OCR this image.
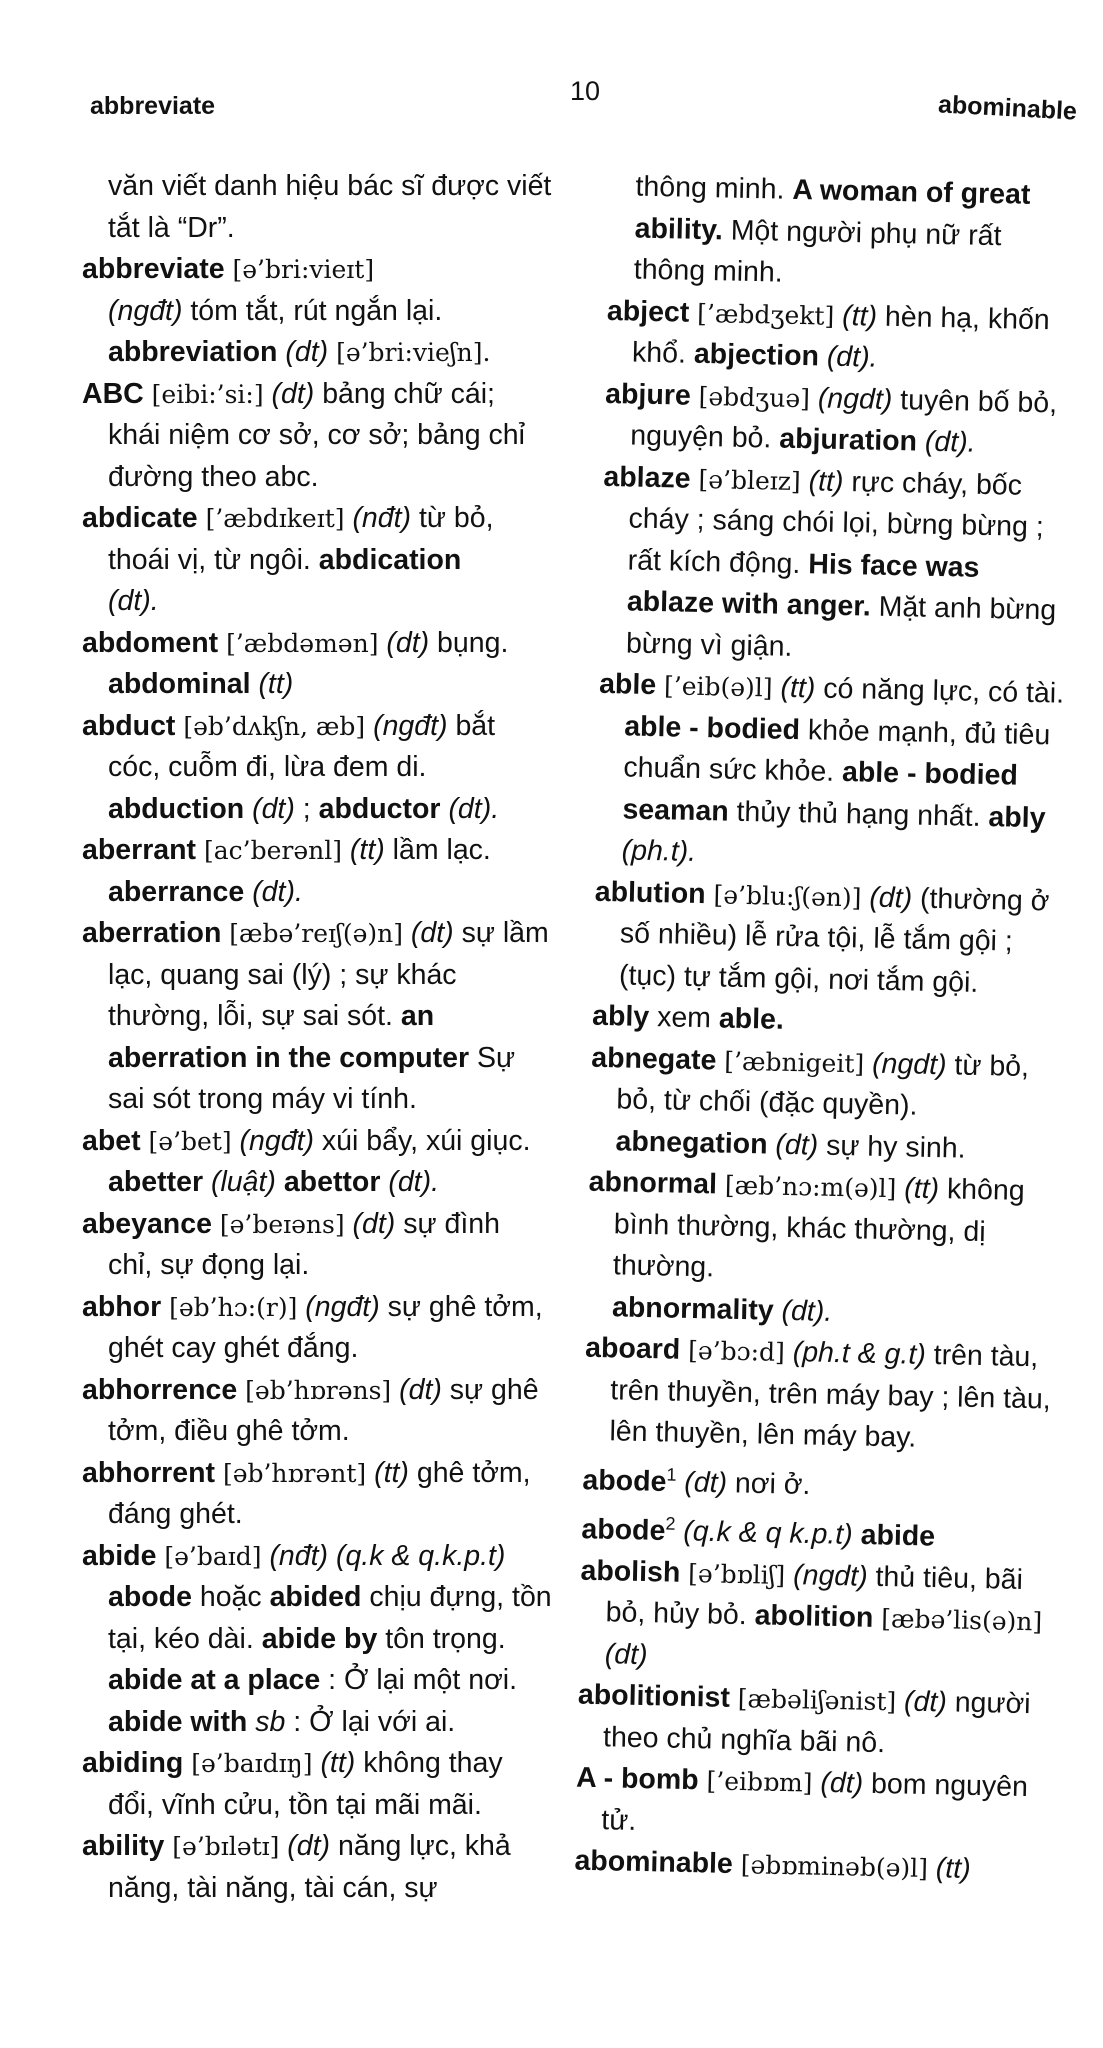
abbreviate	10	abominable

văn viết danh hiệu bác sĩ được viết tắt là “Dr”.

abbreviate [ə’bri:vieɪt]
(ngđt) tóm tắt, rút ngắn lại.
abbreviation (dt) [ə’bri:vieʃn].

ABC [eibi:’si:] (dt) bảng chữ cái; khái niệm cơ sở, cơ sở; bảng chỉ đường theo abc.

abdicate [’æbdɪkeɪt] (nđt) từ bỏ, thoái vị, từ ngôi. abdication
(dt).

abdoment [’æbdəmən] (dt) bụng.

abdominal (tt)

abduct [əb’dʌkʃn, æb] (ngđt) bắt cóc, cuỗm đi, lừa đem di.

abduction (dt) ; abductor (dt).

aberrant [ac’berənl] (tt) lầm lạc.

aberrance (dt).

aberration [æbə’reɪʃ(ə)n] (dt) sự lầm lạc, quang sai (lý) ; sự khác thường, lỗi, sự sai sót. an aberration in the computer Sự sai sót trong máy vi tính.

abet [ə’bet] (ngđt) xúi bẩy, xúi giục.

abetter (luật) abettor (dt).

abeyance [ə’beɪəns] (dt) sự đình chỉ, sự đọng lại.

abhor [əb’hɔ:(r)] (ngđt) sự ghê tởm, ghét cay ghét đắng.

abhorrence [əb’hɒrəns] (dt) sự ghê tởm, điều ghê tởm.

abhorrent [əb’hɒrənt] (tt) ghê tởm, đáng ghét.

abide [ə’baɪd] (nđt) (q.k & q.k.p.t) abode hoặc abided chịu đựng, tồn tại, kéo dài. abide by tôn trọng. abide at a place : Ở lại một nơi. abide with sb : Ở lại với ai.

abiding [ə’baɪdɪŋ] (tt) không thay đổi, vĩnh cửu, tồn tại mãi mãi.

ability [ə’bɪlətɪ] (dt) năng lực, khả năng, tài năng, tài cán, sự

thông minh. A woman of great ability. Một người phụ nữ rất thông minh.

abject [’æbdʒekt] (tt) hèn hạ, khốn khổ. abjection (dt).

abjure [əbdʒuə] (ngdt) tuyên bố bỏ, nguyện bỏ. abjuration (dt).

ablaze [ə’bleɪz] (tt) rực cháy, bốc cháy ; sáng chói lọi, bừng bừng ; rất kích động. His face was ablaze with anger. Mặt anh bừng bừng vì giận.

able [’eib(ə)l] (tt) có năng lực, có tài. able - bodied khỏe mạnh, đủ tiêu chuẩn sức khỏe. able - bodied seaman thủy thủ hạng nhất. ably (ph.t).

ablution [ə’blu:ʃ(ən)] (dt) (thường ở số nhiều) lễ rửa tội, lễ tắm gội ; (tục) tự tắm gội, nơi tắm gội.

ably xem able.

abnegate [’æbnigeit] (ngdt) từ bỏ, bỏ, từ chối (đặc quyền).

abnegation (dt) sự hy sinh.

abnormal [æb’nɔ:m(ə)l] (tt) không bình thường, khác thường, dị thường.

abnormality (dt).

aboard [ə’bɔ:d] (ph.t & g.t) trên tàu, trên thuyền, trên máy bay ; lên tàu, lên thuyền, lên máy bay.

abode$^1$ (dt) nơi ở.

abode$^2$ (q.k & q k.p.t) abide

abolish [ə’bɒliʃ] (ngdt) thủ tiêu, bãi bỏ, hủy bỏ. abolition [æbə’lis(ə)n] (dt)

abolitionist [æbəliʃənist] (dt) người theo chủ nghĩa bãi nô.

A - bomb [’eibɒm] (dt) bom nguyên tử.

abominable [əbɒminəb(ə)l] (tt)
